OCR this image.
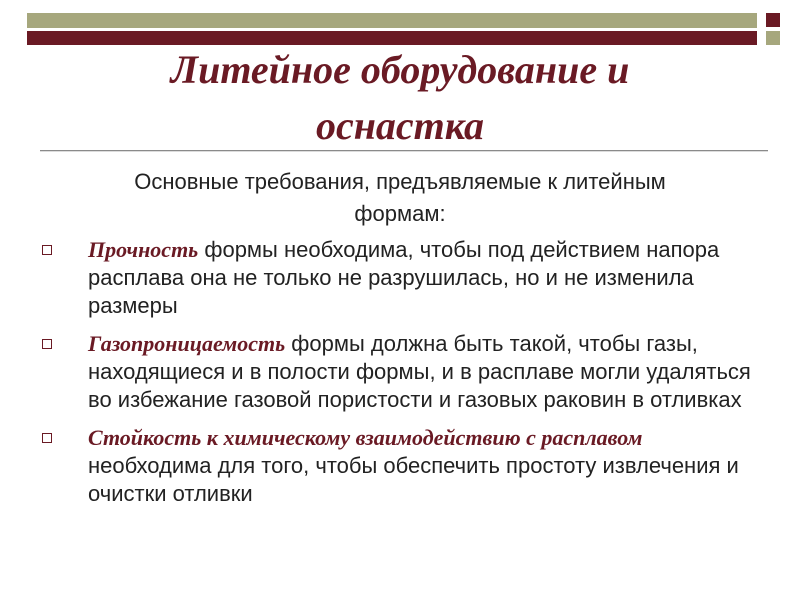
Литейное оборудование и
оснастка
Основные требования, предъявляемые к литейным
формам:
Прочность формы необходима, чтобы под действием напора расплава она не только не разрушилась, но и не изменила размеры
Газопроницаемость формы должна быть такой, чтобы газы, находящиеся и в полости формы, и в расплаве могли удаляться во избежание газовой пористости и газовых раковин в отливках
Стойкость к химическому взаимодействию с расплавом необходима для того, чтобы обеспечить простоту извлечения и очистки отливки
